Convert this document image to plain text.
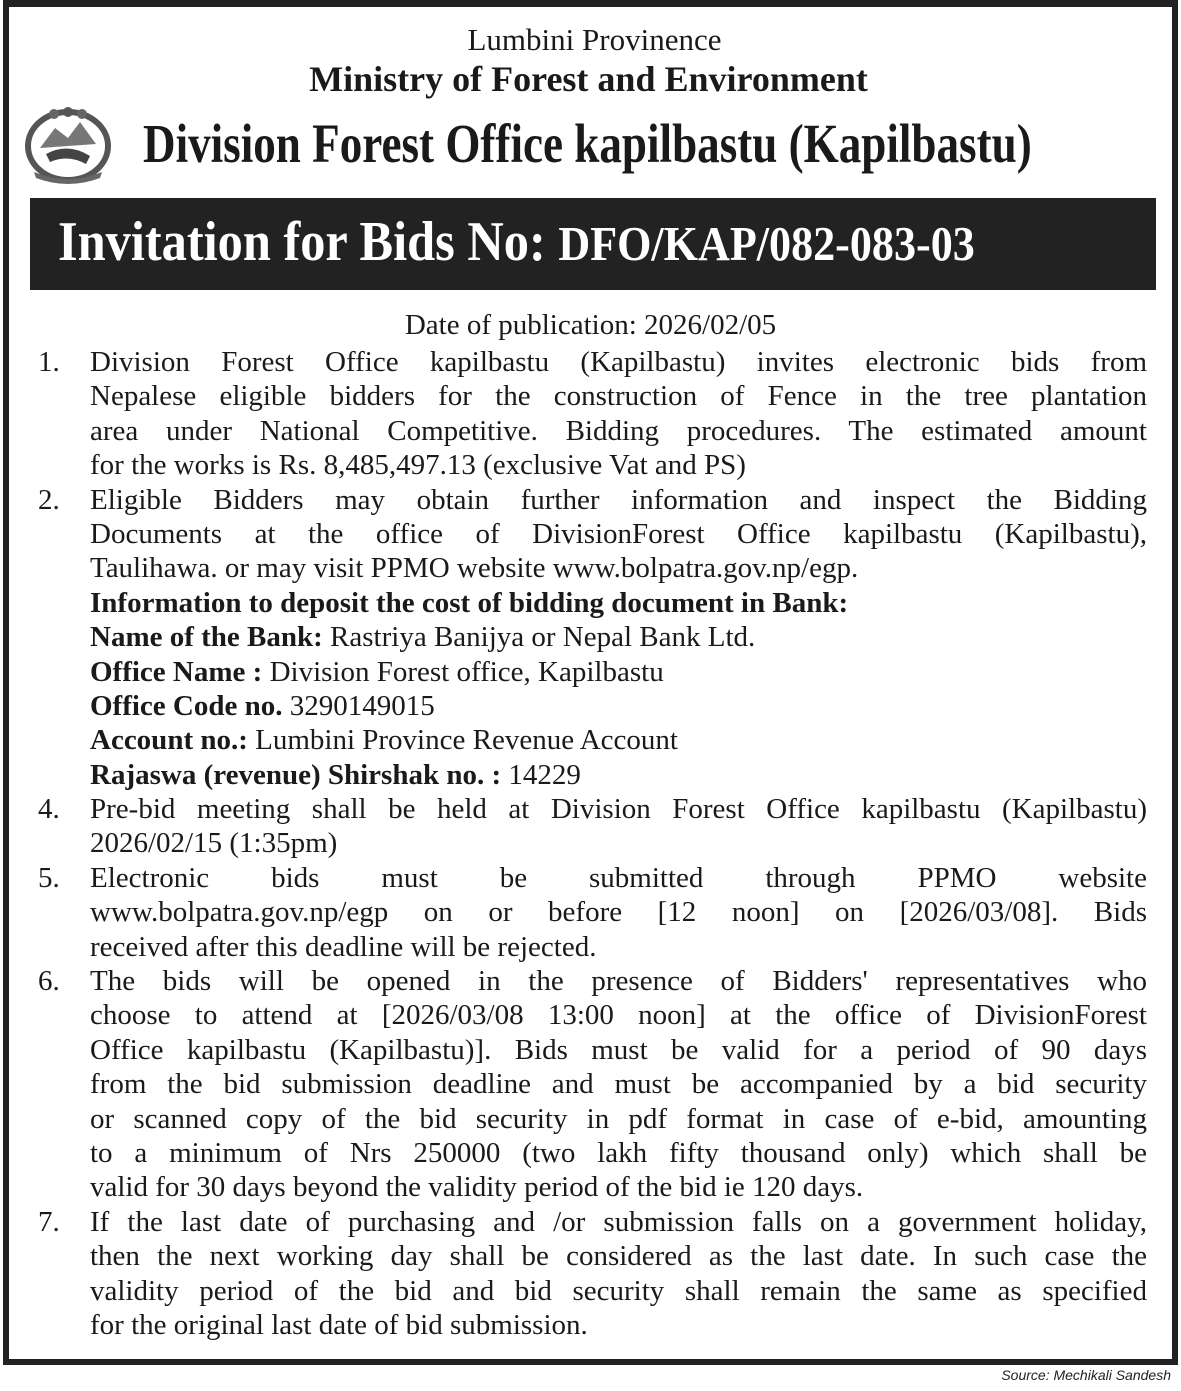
Lumbini Provinence
Ministry of Forest and Environment
Division Forest Office kapilbastu (Kapilbastu)
Invitation for Bids No: DFO/KAP/082-083-03
Date of publication: 2026/02/05
1. Division Forest Office kapilbastu (Kapilbastu) invites electronic bids from
Nepalese eligible bidders for the construction of Fence in the tree plantation
area under National Competitive. Bidding procedures. The estimated amount
for the works is Rs. 8,485,497.13 (exclusive Vat and PS)
2. Eligible Bidders may obtain further information and inspect the Bidding
Documents at the office of DivisionForest Office kapilbastu (Kapilbastu),
Taulihawa. or may visit PPMO website www.bolpatra.gov.np/egp.
Information to deposit the cost of bidding document in Bank:
Name of the Bank: Rastriya Banijya or Nepal Bank Ltd.
Office Name : Division Forest office, Kapilbastu
Office Code no. 3290149015
Account no.: Lumbini Province Revenue Account
Rajaswa (revenue) Shirshak no. : 14229
4. Pre-bid meeting shall be held at Division Forest Office kapilbastu (Kapilbastu)
2026/02/15 (1:35pm)
5. Electronic bids must be submitted through PPMO website
www.bolpatra.gov.np/egp on or before [12 noon] on [2026/03/08]. Bids
received after this deadline will be rejected.
6. The bids will be opened in the presence of Bidders' representatives who
choose to attend at [2026/03/08 13:00 noon] at the office of DivisionForest
Office kapilbastu (Kapilbastu)]. Bids must be valid for a period of 90 days
from the bid submission deadline and must be accompanied by a bid security
or scanned copy of the bid security in pdf format in case of e-bid, amounting
to a minimum of Nrs 250000 (two lakh fifty thousand only) which shall be
valid for 30 days beyond the validity period of the bid ie 120 days.
7. If the last date of purchasing and /or submission falls on a government holiday,
then the next working day shall be considered as the last date. In such case the
validity period of the bid and bid security shall remain the same as specified
for the original last date of bid submission.
Source: Mechikali Sandesh
